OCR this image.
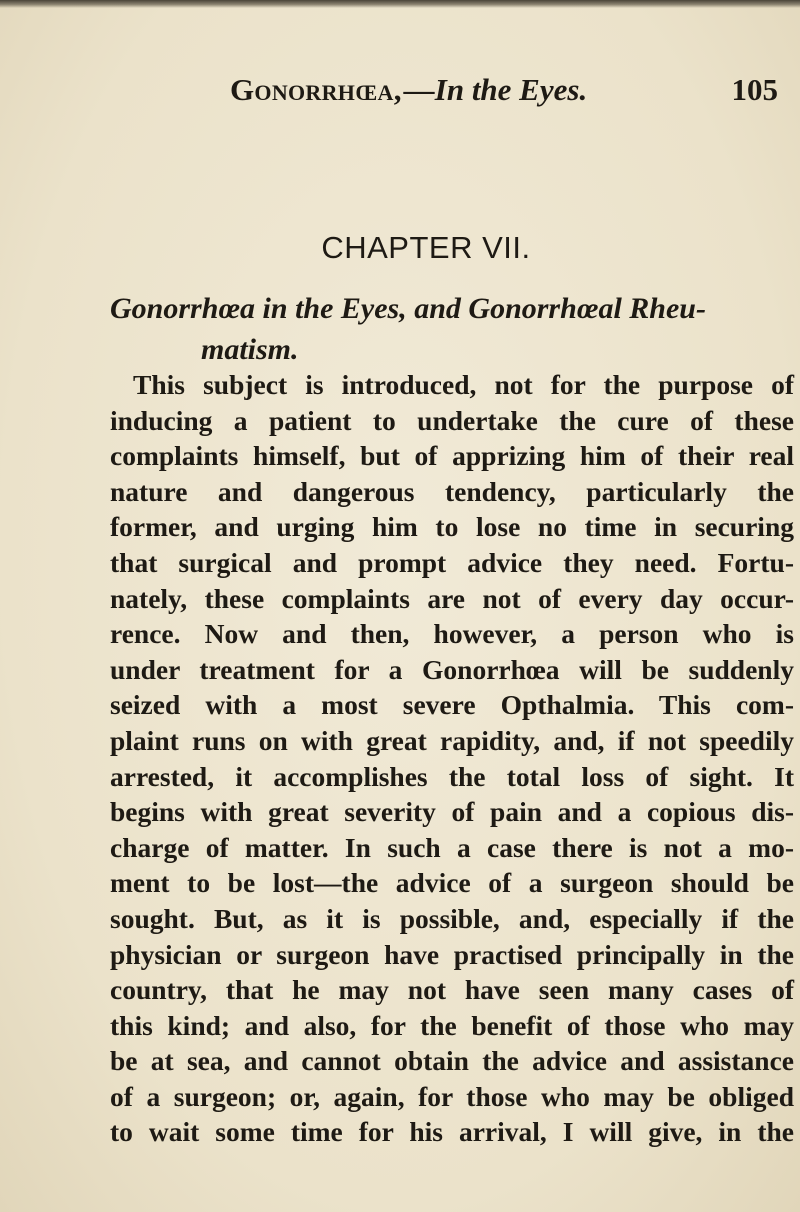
Gonorrhœa,—In the Eyes.	105
CHAPTER VII.
Gonorrhœa in the Eyes, and Gonorrhœal Rheu-
matism.
This subject is introduced, not for the purpose of
inducing a patient to undertake the cure of these
complaints himself, but of apprizing him of their real
nature and dangerous tendency, particularly the
former, and urging him to lose no time in securing
that surgical and prompt advice they need. Fortu-
nately, these complaints are not of every day occur-
rence. Now and then, however, a person who is
under treatment for a Gonorrhœa will be suddenly
seized with a most severe Opthalmia. This com-
plaint runs on with great rapidity, and, if not speedily
arrested, it accomplishes the total loss of sight. It
begins with great severity of pain and a copious dis-
charge of matter. In such a case there is not a mo-
ment to be lost—the advice of a surgeon should be
sought. But, as it is possible, and, especially if the
physician or surgeon have practised principally in the
country, that he may not have seen many cases of
this kind; and also, for the benefit of those who may
be at sea, and cannot obtain the advice and assistance
of a surgeon; or, again, for those who may be obliged
to wait some time for his arrival, I will give, in the
